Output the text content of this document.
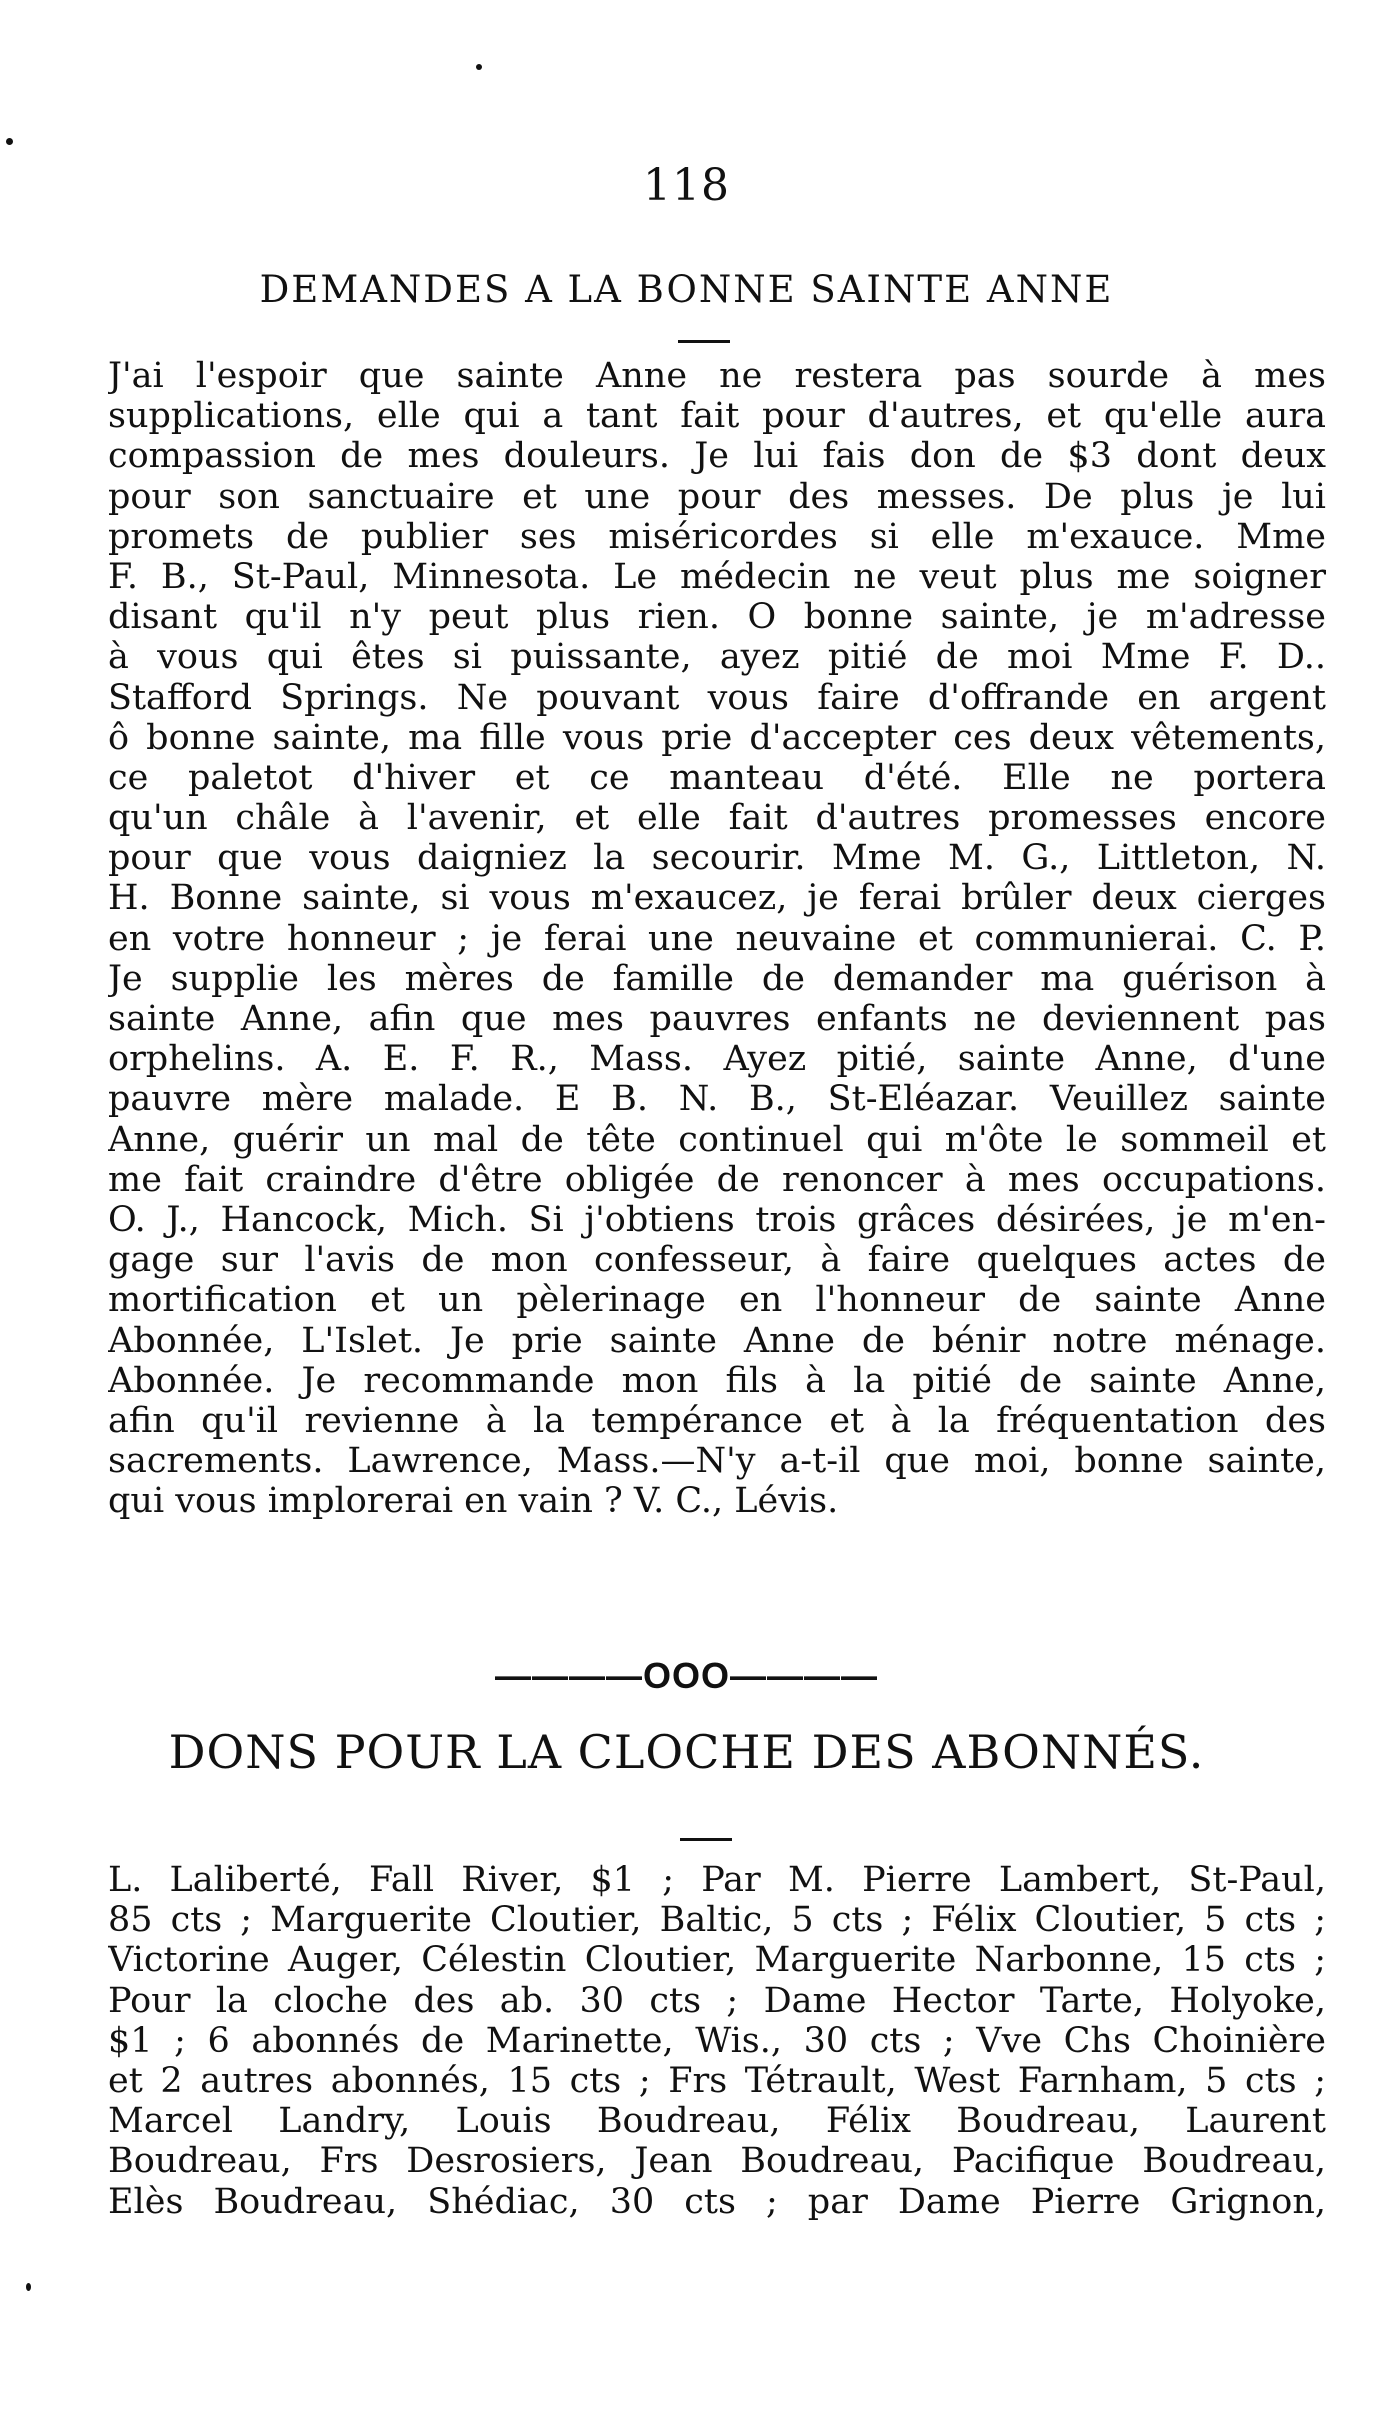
118
DEMANDES A LA BONNE SAINTE ANNE
J'ai l'espoir que sainte Anne ne restera pas sourde à mes
supplications, elle qui a tant fait pour d'autres, et qu'elle aura
compassion de mes douleurs. Je lui fais don de $3 dont deux
pour son sanctuaire et une pour des messes. De plus je lui
promets de publier ses miséricordes si elle m'exauce. Mme
F. B., St-Paul, Minnesota. Le médecin ne veut plus me soigner
disant qu'il n'y peut plus rien. O bonne sainte, je m'adresse
à vous qui êtes si puissante, ayez pitié de moi Mme F. D..
Stafford Springs. Ne pouvant vous faire d'offrande en argent
ô bonne sainte, ma fille vous prie d'accepter ces deux vêtements,
ce paletot d'hiver et ce manteau d'été. Elle ne portera
qu'un châle à l'avenir, et elle fait d'autres promesses encore
pour que vous daigniez la secourir. Mme M. G., Littleton, N.
H. Bonne sainte, si vous m'exaucez, je ferai brûler deux cierges
en votre honneur ; je ferai une neuvaine et communierai. C. P.
Je supplie les mères de famille de demander ma guérison à
sainte Anne, afin que mes pauvres enfants ne deviennent pas
orphelins. A. E. F. R., Mass. Ayez pitié, sainte Anne, d'une
pauvre mère malade. E B. N. B., St-Eléazar. Veuillez sainte
Anne, guérir un mal de tête continuel qui m'ôte le sommeil et
me fait craindre d'être obligée de renoncer à mes occupations.
O. J., Hancock, Mich. Si j'obtiens trois grâces désirées, je m'en-
gage sur l'avis de mon confesseur, à faire quelques actes de
mortification et un pèlerinage en l'honneur de sainte Anne
Abonnée, L'Islet. Je prie sainte Anne de bénir notre ménage.
Abonnée. Je recommande mon fils à la pitié de sainte Anne,
afin qu'il revienne à la tempérance et à la fréquentation des
sacrements. Lawrence, Mass.—N'y a-t-il que moi, bonne sainte,
qui vous implorerai en vain ? V. C., Lévis.
————OOO————
DONS POUR LA CLOCHE DES ABONNÉS.
L. Laliberté, Fall River, $1 ; Par M. Pierre Lambert, St-Paul,
85 cts ; Marguerite Cloutier, Baltic, 5 cts ; Félix Cloutier, 5 cts ;
Victorine Auger, Célestin Cloutier, Marguerite Narbonne, 15 cts ;
Pour la cloche des ab. 30 cts ; Dame Hector Tarte, Holyoke,
$1 ; 6 abonnés de Marinette, Wis., 30 cts ; Vve Chs Choinière
et 2 autres abonnés, 15 cts ; Frs Tétrault, West Farnham, 5 cts ;
Marcel Landry, Louis Boudreau, Félix Boudreau, Laurent
Boudreau, Frs Desrosiers, Jean Boudreau, Pacifique Boudreau,
Elès Boudreau, Shédiac, 30 cts ; par Dame Pierre Grignon,
